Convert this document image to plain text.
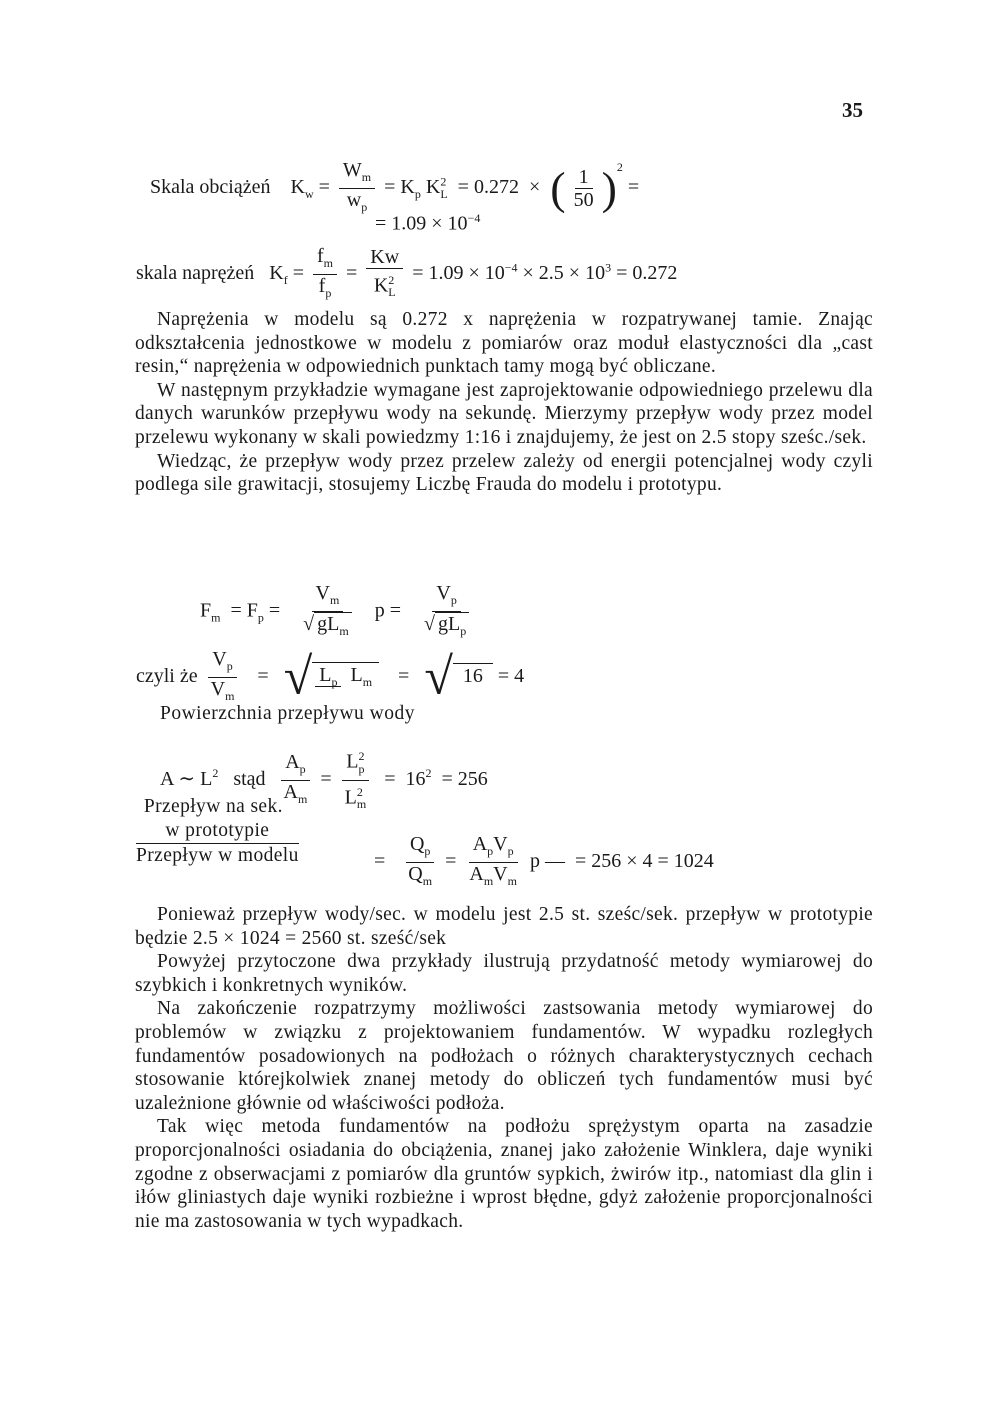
35
Skala obciążeń $K_w = \frac{W_m}{w_p} = K_p$ $K^2_L = 0.272$ × ( $\frac{1}{50} )^2$ =
= $1.09 \times 10^{-4}$
skala naprężeń $K_f = \frac{f_m}{f_p} = \frac{Kw}{K^2_L} = 1.09 \times 10^{-4} \times 2.5 \times 10^3 = 0.272$

Naprężenia w modelu są 0.272 x naprężenia w rozpatrywanej tamie. Znając odkształcenia jednostkowe w modelu z pomiarów oraz moduł elastyczności dla „cast resin,“ naprężenia w odpowiednich punktach tamy mogą być obliczane.

W następnym przykładzie wymagane jest zaprojektowanie odpowiedniego przelewu dla danych warunków przepływu wody na sekundę. Mierzymy przepływ wody przez model przelewu wykonany w skali powiedzmy 1:16 i znajdujemy, że jest on 2.5 stopy sześc./sek.

Wiedząc, że przepływ wody przez przelew zależy od energii potencjalnej wody czyli podlega sile grawitacji, stosujemy Liczbę Frauda do modelu i prototypu.

$F_m = F_p = \frac{V_m}{√ gL_m}$ $p = \frac{V_p}{√ gL_p}$
czyli że $\frac{V_p}{V_m}$ =   √ $L_p$ $L_m$   =   √ 16 = 4
Powierzchnia przepływu wody
A ∼ $L^2$ stąd $\frac{A_p}{A_m} = \frac{L^2_p}{L^2_m} = 16^2 = 256$
Przepływ na sek.
w prototypie
Przepływ w modelu	= $\frac{Q_p}{Q_m} = \frac{A_pV_p}{A_mV_m}$ p — = 256 × 4 = 1024

Ponieważ przepływ wody/sec. w modelu jest 2.5 st. sześc/sek. przepływ w prototypie będzie 2.5 × 1024 = 2560 st. sześć/sek

Powyżej przytoczone dwa przykłady ilustrują przydatność metody wymiarowej do szybkich i konkretnych wyników.

Na zakończenie rozpatrzymy możliwości zastsowania metody wymiarowej do problemów w związku z projektowaniem fundamentów. W wypadku rozległych fundamentów posadowionych na podłożach o różnych charakterystycznych cechach stosowanie którejkolwiek znanej metody do obliczeń tych fundamentów musi być uzależnione głównie od właściwości podłoża.

Tak więc metoda fundamentów na podłożu sprężystym oparta na zasadzie proporcjonalności osiadania do obciążenia, znanej jako założenie Winklera, daje wyniki zgodne z obserwacjami z pomiarów dla gruntów sypkich, żwirów itp., natomiast dla glin i iłów gliniastych daje wyniki rozbieżne i wprost błędne, gdyż założenie proporcjonalności nie ma zastosowania w tych wypadkach.
